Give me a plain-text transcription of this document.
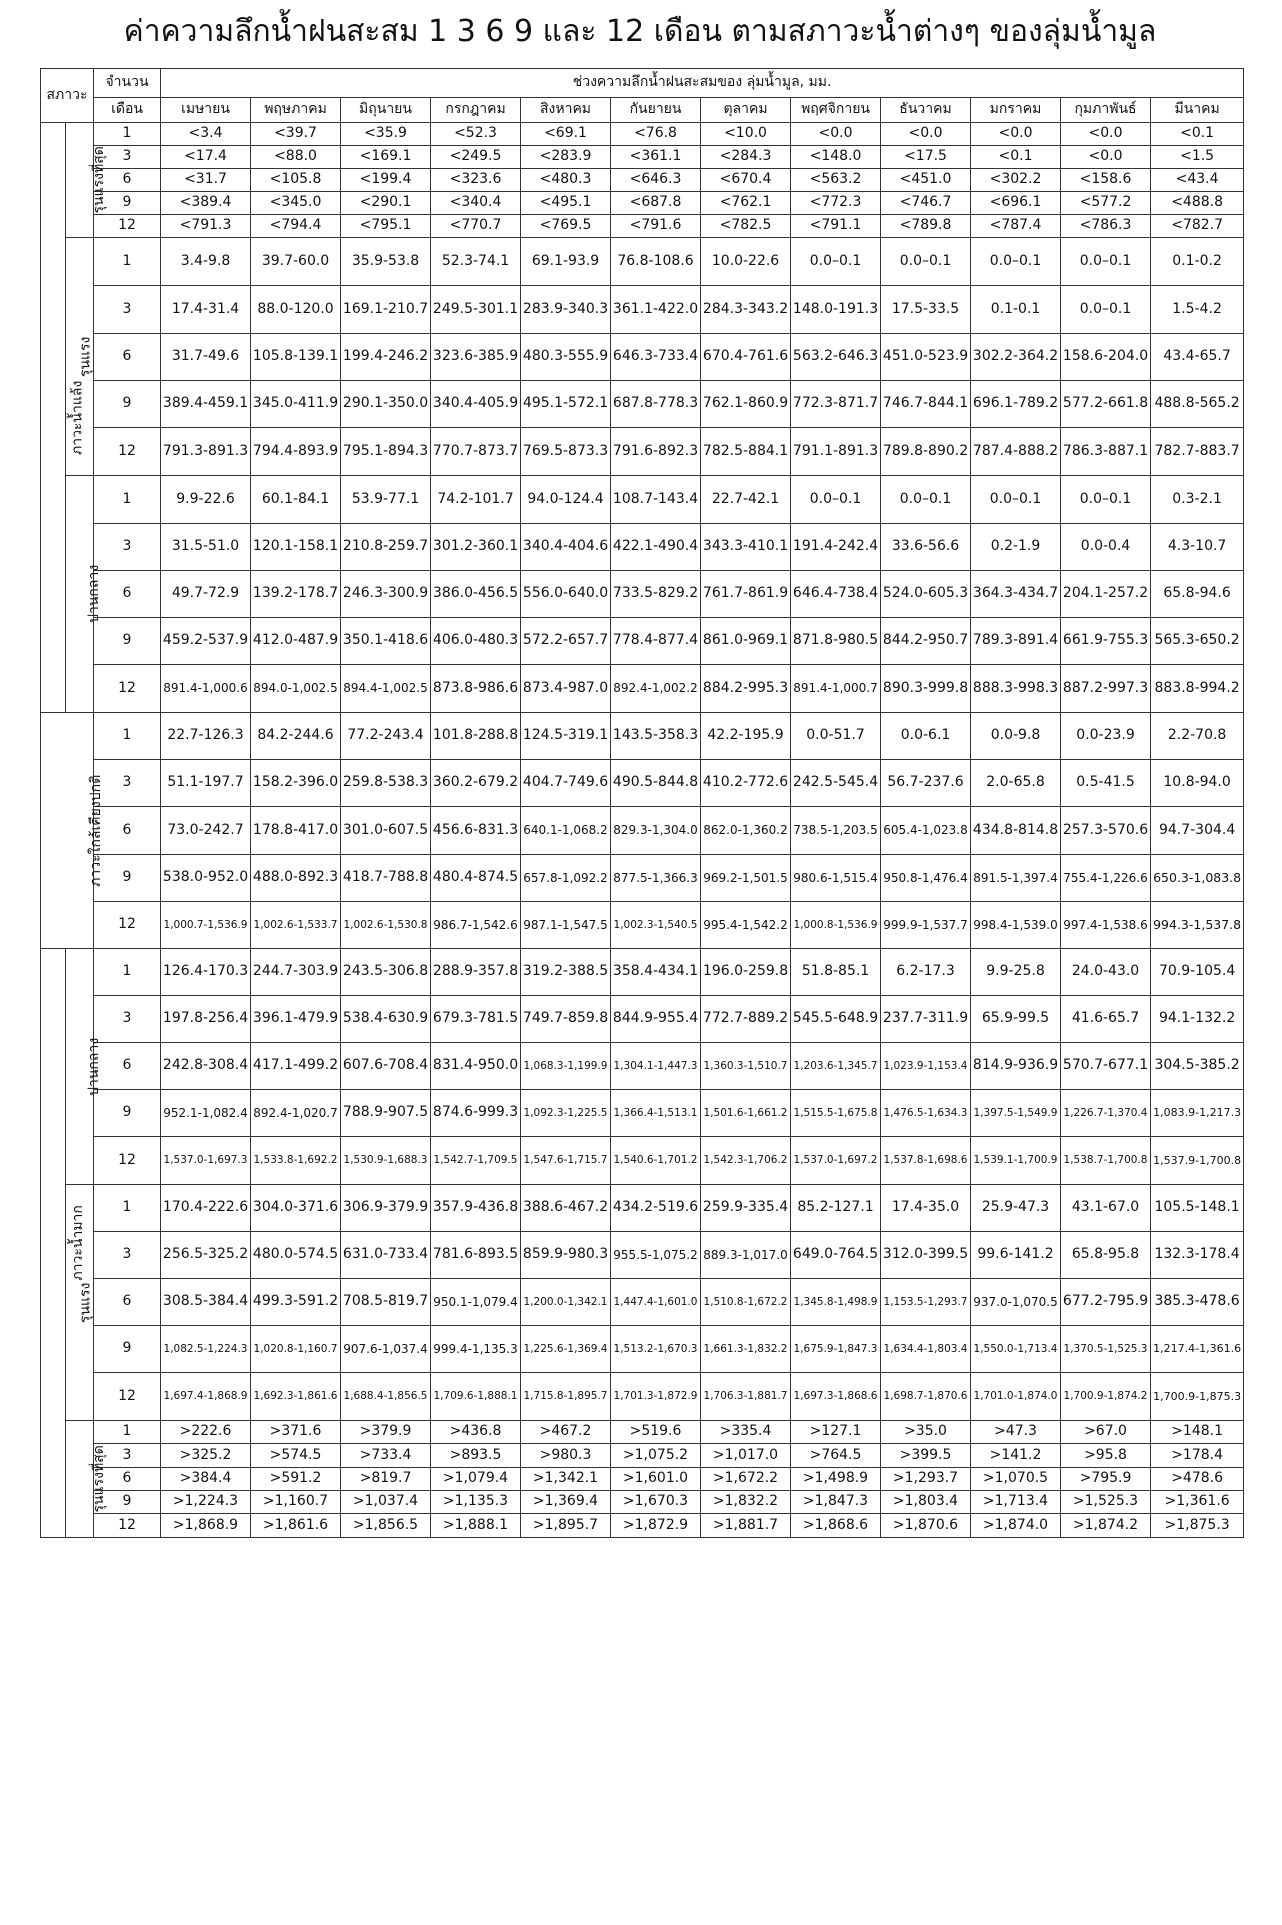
ค่าความลึกน้ำฝนสะสม 1 3 6 9 และ 12 เดือน ตามสภาวะน้ำต่างๆ ของลุ่มน้ำมูล
สภาวะ		จำนวน	ช่วงความลึกน้ำฝนสะสมของ ลุ่มน้ำมูล, มม.											
		เดือน	เมษายน	พฤษภาคม	มิถุนายน	กรกฎาคม	สิงหาคม	กันยายน	ตุลาคม	พฤศจิกายน	ธันวาคม	มกราคม	กุมภาพันธ์	มีนาคม
ภาวะน้ำแล้ง	รุนแรงที่สุด	1	<3.4	<39.7	<35.9	<52.3	<69.1	<76.8	<10.0	<0.0	<0.0	<0.0	<0.0	<0.1
		3	<17.4	<88.0	<169.1	<249.5	<283.9	<361.1	<284.3	<148.0	<17.5	<0.1	<0.0	<1.5
		6	<31.7	<105.8	<199.4	<323.6	<480.3	<646.3	<670.4	<563.2	<451.0	<302.2	<158.6	<43.4
		9	<389.4	<345.0	<290.1	<340.4	<495.1	<687.8	<762.1	<772.3	<746.7	<696.1	<577.2	<488.8
		12	<791.3	<794.4	<795.1	<770.7	<769.5	<791.6	<782.5	<791.1	<789.8	<787.4	<786.3	<782.7
	รุนแรง	1	3.4-9.8	39.7-60.0	35.9-53.8	52.3-74.1	69.1-93.9	76.8-108.6	10.0-22.6	0.0–0.1	0.0–0.1	0.0–0.1	0.0–0.1	0.1-0.2
		3	17.4-31.4	88.0-120.0	169.1-210.7	249.5-301.1	283.9-340.3	361.1-422.0	284.3-343.2	148.0-191.3	17.5-33.5	0.1-0.1	0.0–0.1	1.5-4.2
		6	31.7-49.6	105.8-139.1	199.4-246.2	323.6-385.9	480.3-555.9	646.3-733.4	670.4-761.6	563.2-646.3	451.0-523.9	302.2-364.2	158.6-204.0	43.4-65.7
		9	389.4-459.1	345.0-411.9	290.1-350.0	340.4-405.9	495.1-572.1	687.8-778.3	762.1-860.9	772.3-871.7	746.7-844.1	696.1-789.2	577.2-661.8	488.8-565.2
		12	791.3-891.3	794.4-893.9	795.1-894.3	770.7-873.7	769.5-873.3	791.6-892.3	782.5-884.1	791.1-891.3	789.8-890.2	787.4-888.2	786.3-887.1	782.7-883.7
	ปานกลาง	1	9.9-22.6	60.1-84.1	53.9-77.1	74.2-101.7	94.0-124.4	108.7-143.4	22.7-42.1	0.0–0.1	0.0–0.1	0.0–0.1	0.0–0.1	0.3-2.1
		3	31.5-51.0	120.1-158.1	210.8-259.7	301.2-360.1	340.4-404.6	422.1-490.4	343.3-410.1	191.4-242.4	33.6-56.6	0.2-1.9	0.0-0.4	4.3-10.7
		6	49.7-72.9	139.2-178.7	246.3-300.9	386.0-456.5	556.0-640.0	733.5-829.2	761.7-861.9	646.4-738.4	524.0-605.3	364.3-434.7	204.1-257.2	65.8-94.6
		9	459.2-537.9	412.0-487.9	350.1-418.6	406.0-480.3	572.2-657.7	778.4-877.4	861.0-969.1	871.8-980.5	844.2-950.7	789.3-891.4	661.9-755.3	565.3-650.2
		12	891.4-1,000.6	894.0-1,002.5	894.4-1,002.5	873.8-986.6	873.4-987.0	892.4-1,002.2	884.2-995.3	891.4-1,000.7	890.3-999.8	888.3-998.3	887.2-997.3	883.8-994.2
ภาวะใกล้เคียงปกติ		1	22.7-126.3	84.2-244.6	77.2-243.4	101.8-288.8	124.5-319.1	143.5-358.3	42.2-195.9	0.0-51.7	0.0-6.1	0.0-9.8	0.0-23.9	2.2-70.8
		3	51.1-197.7	158.2-396.0	259.8-538.3	360.2-679.2	404.7-749.6	490.5-844.8	410.2-772.6	242.5-545.4	56.7-237.6	2.0-65.8	0.5-41.5	10.8-94.0
		6	73.0-242.7	178.8-417.0	301.0-607.5	456.6-831.3	640.1-1,068.2	829.3-1,304.0	862.0-1,360.2	738.5-1,203.5	605.4-1,023.8	434.8-814.8	257.3-570.6	94.7-304.4
		9	538.0-952.0	488.0-892.3	418.7-788.8	480.4-874.5	657.8-1,092.2	877.5-1,366.3	969.2-1,501.5	980.6-1,515.4	950.8-1,476.4	891.5-1,397.4	755.4-1,226.6	650.3-1,083.8
		12	1,000.7-1,536.9	1,002.6-1,533.7	1,002.6-1,530.8	986.7-1,542.6	987.1-1,547.5	1,002.3-1,540.5	995.4-1,542.2	1,000.8-1,536.9	999.9-1,537.7	998.4-1,539.0	997.4-1,538.6	994.3-1,537.8
ภาวะน้ำมาก	ปานกลาง	1	126.4-170.3	244.7-303.9	243.5-306.8	288.9-357.8	319.2-388.5	358.4-434.1	196.0-259.8	51.8-85.1	6.2-17.3	9.9-25.8	24.0-43.0	70.9-105.4
		3	197.8-256.4	396.1-479.9	538.4-630.9	679.3-781.5	749.7-859.8	844.9-955.4	772.7-889.2	545.5-648.9	237.7-311.9	65.9-99.5	41.6-65.7	94.1-132.2
		6	242.8-308.4	417.1-499.2	607.6-708.4	831.4-950.0	1,068.3-1,199.9	1,304.1-1,447.3	1,360.3-1,510.7	1,203.6-1,345.7	1,023.9-1,153.4	814.9-936.9	570.7-677.1	304.5-385.2
		9	952.1-1,082.4	892.4-1,020.7	788.9-907.5	874.6-999.3	1,092.3-1,225.5	1,366.4-1,513.1	1,501.6-1,661.2	1,515.5-1,675.8	1,476.5-1,634.3	1,397.5-1,549.9	1,226.7-1,370.4	1,083.9-1,217.3
		12	1,537.0-1,697.3	1,533.8-1,692.2	1,530.9-1,688.3	1,542.7-1,709.5	1,547.6-1,715.7	1,540.6-1,701.2	1,542.3-1,706.2	1,537.0-1,697.2	1,537.8-1,698.6	1,539.1-1,700.9	1,538.7-1,700.8	1,537.9-1,700.8
	รุนแรง	1	170.4-222.6	304.0-371.6	306.9-379.9	357.9-436.8	388.6-467.2	434.2-519.6	259.9-335.4	85.2-127.1	17.4-35.0	25.9-47.3	43.1-67.0	105.5-148.1
		3	256.5-325.2	480.0-574.5	631.0-733.4	781.6-893.5	859.9-980.3	955.5-1,075.2	889.3-1,017.0	649.0-764.5	312.0-399.5	99.6-141.2	65.8-95.8	132.3-178.4
		6	308.5-384.4	499.3-591.2	708.5-819.7	950.1-1,079.4	1,200.0-1,342.1	1,447.4-1,601.0	1,510.8-1,672.2	1,345.8-1,498.9	1,153.5-1,293.7	937.0-1,070.5	677.2-795.9	385.3-478.6
		9	1,082.5-1,224.3	1,020.8-1,160.7	907.6-1,037.4	999.4-1,135.3	1,225.6-1,369.4	1,513.2-1,670.3	1,661.3-1,832.2	1,675.9-1,847.3	1,634.4-1,803.4	1,550.0-1,713.4	1,370.5-1,525.3	1,217.4-1,361.6
		12	1,697.4-1,868.9	1,692.3-1,861.6	1,688.4-1,856.5	1,709.6-1,888.1	1,715.8-1,895.7	1,701.3-1,872.9	1,706.3-1,881.7	1,697.3-1,868.6	1,698.7-1,870.6	1,701.0-1,874.0	1,700.9-1,874.2	1,700.9-1,875.3
	รุนแรงที่สุด	1	>222.6	>371.6	>379.9	>436.8	>467.2	>519.6	>335.4	>127.1	>35.0	>47.3	>67.0	>148.1
		3	>325.2	>574.5	>733.4	>893.5	>980.3	>1,075.2	>1,017.0	>764.5	>399.5	>141.2	>95.8	>178.4
		6	>384.4	>591.2	>819.7	>1,079.4	>1,342.1	>1,601.0	>1,672.2	>1,498.9	>1,293.7	>1,070.5	>795.9	>478.6
		9	>1,224.3	>1,160.7	>1,037.4	>1,135.3	>1,369.4	>1,670.3	>1,832.2	>1,847.3	>1,803.4	>1,713.4	>1,525.3	>1,361.6
		12	>1,868.9	>1,861.6	>1,856.5	>1,888.1	>1,895.7	>1,872.9	>1,881.7	>1,868.6	>1,870.6	>1,874.0	>1,874.2	>1,875.3
